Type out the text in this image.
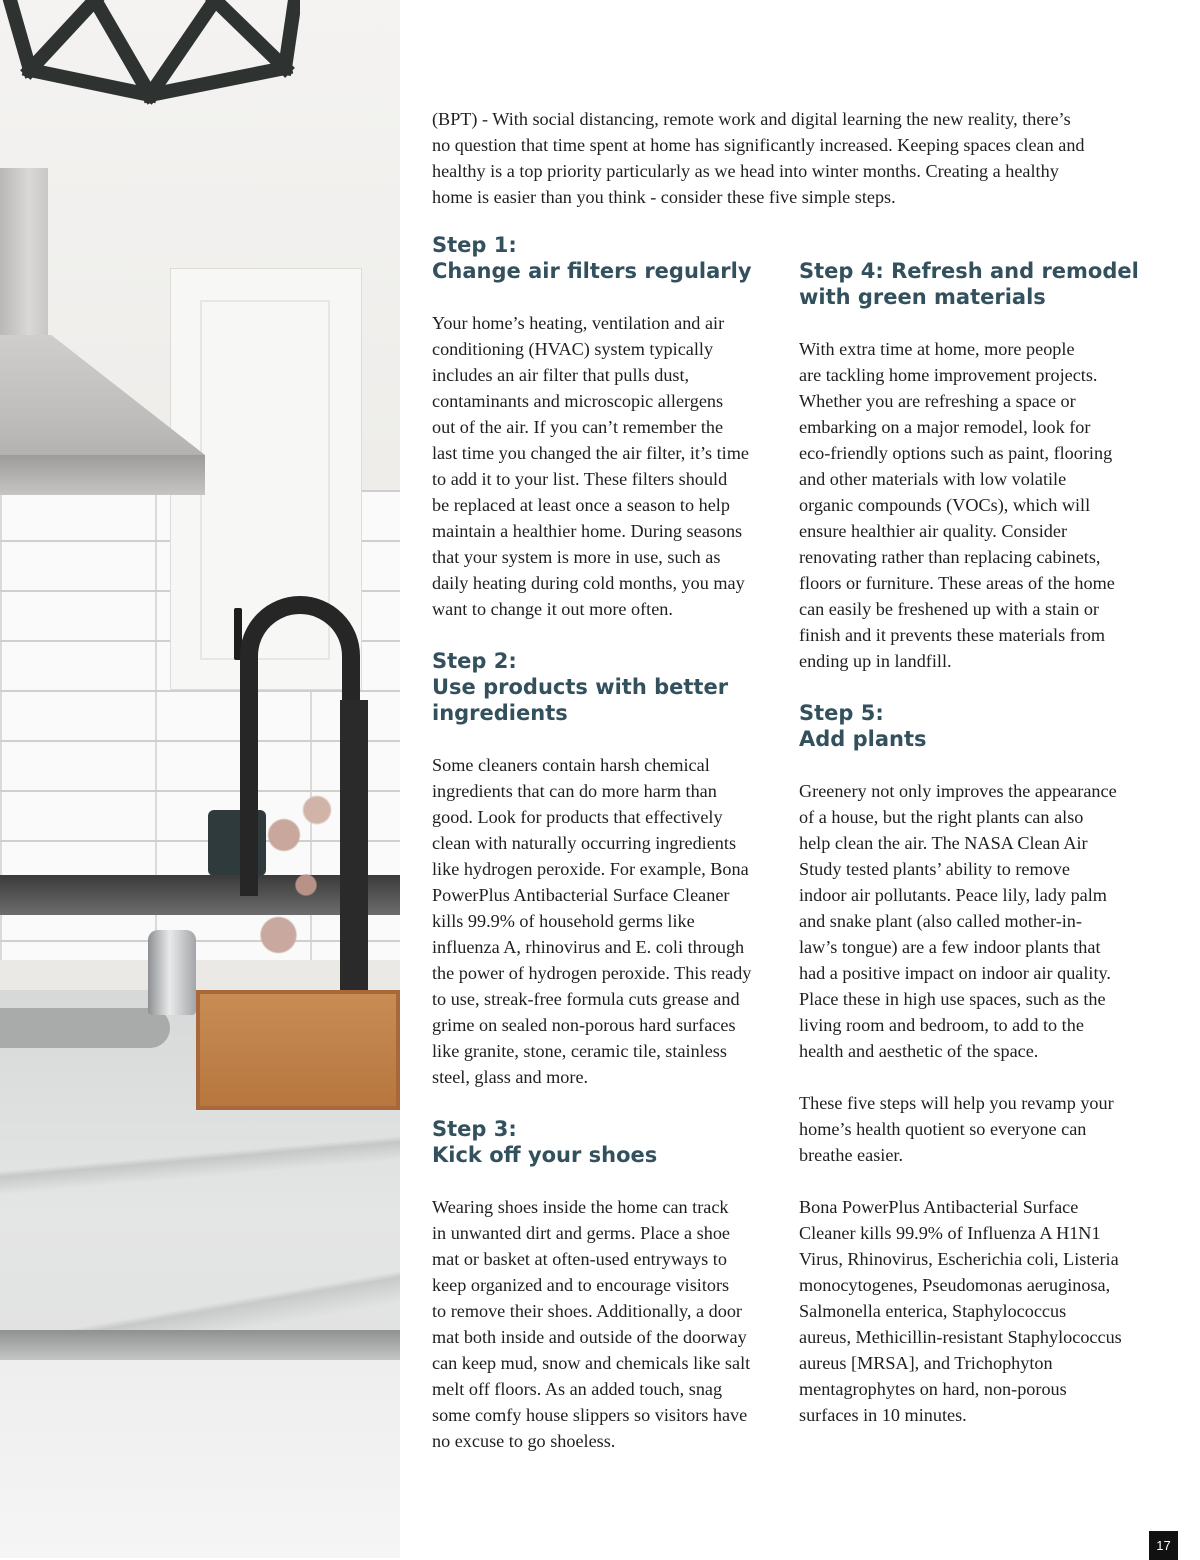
(BPT) - With social distancing, remote work and digital learning the new reality, there’s
no question that time spent at home has significantly increased. Keeping spaces clean and
healthy is a top priority particularly as we head into winter months. Creating a healthy
home is easier than you think - consider these five simple steps.

Step 1:
Change air filters regularly

Your home’s heating, ventilation and air
conditioning (HVAC) system typically
includes an air filter that pulls dust,
contaminants and microscopic allergens
out of the air. If you can’t remember the
last time you changed the air filter, it’s time
to add it to your list. These filters should
be replaced at least once a season to help
maintain a healthier home. During seasons
that your system is more in use, such as
daily heating during cold months, you may
want to change it out more often.

Step 2:
Use products with better
ingredients

Some cleaners contain harsh chemical
ingredients that can do more harm than
good. Look for products that effectively
clean with naturally occurring ingredients
like hydrogen peroxide. For example, Bona
PowerPlus Antibacterial Surface Cleaner
kills 99.9% of household germs like
influenza A, rhinovirus and E. coli through
the power of hydrogen peroxide. This ready
to use, streak-free formula cuts grease and
grime on sealed non-porous hard surfaces
like granite, stone, ceramic tile, stainless
steel, glass and more.

Step 3:
Kick off your shoes

Wearing shoes inside the home can track
in unwanted dirt and germs. Place a shoe
mat or basket at often-used entryways to
keep organized and to encourage visitors
to remove their shoes. Additionally, a door
mat both inside and outside of the doorway
can keep mud, snow and chemicals like salt
melt off floors. As an added touch, snag
some comfy house slippers so visitors have
no excuse to go shoeless.

Step 4: Refresh and remodel
with green materials

With extra time at home, more people
are tackling home improvement projects.
Whether you are refreshing a space or
embarking on a major remodel, look for
eco-friendly options such as paint, flooring
and other materials with low volatile
organic compounds (VOCs), which will
ensure healthier air quality. Consider
renovating rather than replacing cabinets,
floors or furniture. These areas of the home
can easily be freshened up with a stain or
finish and it prevents these materials from
ending up in landfill.

Step 5:
Add plants

Greenery not only improves the appearance
of a house, but the right plants can also
help clean the air. The NASA Clean Air
Study tested plants’ ability to remove
indoor air pollutants. Peace lily, lady palm
and snake plant (also called mother-in-
law’s tongue) are a few indoor plants that
had a positive impact on indoor air quality.
Place these in high use spaces, such as the
living room and bedroom, to add to the
health and aesthetic of the space.

These five steps will help you revamp your
home’s health quotient so everyone can
breathe easier.

Bona PowerPlus Antibacterial Surface
Cleaner kills 99.9% of Influenza A H1N1
Virus, Rhinovirus, Escherichia coli, Listeria
monocytogenes, Pseudomonas aeruginosa,
Salmonella enterica, Staphylococcus
aureus, Methicillin-resistant Staphylococcus
aureus [MRSA], and Trichophyton
mentagrophytes on hard, non-porous
surfaces in 10 minutes.

17
